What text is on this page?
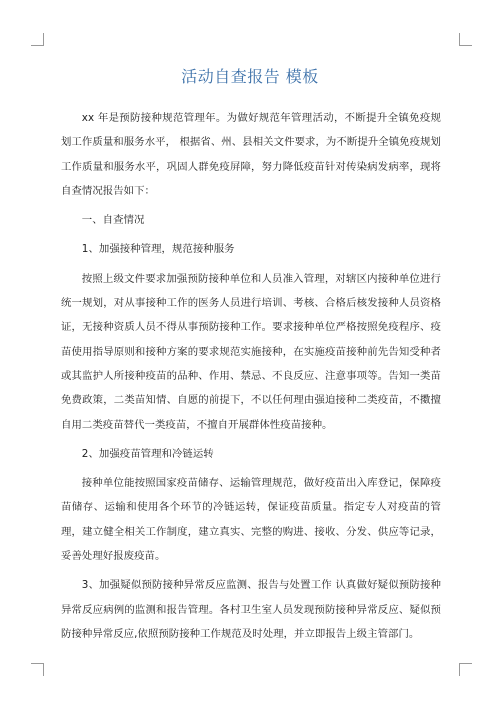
活动自查报告 模板

xx 年是预防接种规范管理年。为做好规范年管理活动，不断提升全镇免疫规划工作质量和服务水平， 根据省、州、县相关文件要求，为不断提升全镇免疫规划工作质量和服务水平，巩固人群免疫屏障，努力降低疫苗针对传染病发病率，现将自查情况报告如下：

一、自查情况

1、加强接种管理，规范接种服务

按照上级文件要求加强预防接种单位和人员准入管理，对辖区内接种单位进行统一规划，对从事接种工作的医务人员进行培训、考核、合格后核发接种人员资格证，无接种资质人员不得从事预防接种工作。要求接种单位严格按照免疫程序、疫苗使用指导原则和接种方案的要求规范实施接种，在实施疫苗接种前先告知受种者或其监护人所接种疫苗的品种、作用、禁忌、不良反应、注意事项等。告知一类苗免费政策，二类苗知情、自愿的前提下，不以任何理由强迫接种二类疫苗，不擞擅自用二类疫苗替代一类疫苗，不擅自开展群体性疫苗接种。

2、加强疫苗管理和冷链运转

接种单位能按照国家疫苗储存、运输管理规范，做好疫苗出入库登记，保障疫苗储存、运输和使用各个环节的冷链运转，保证疫苗质量。指定专人对疫苗的管理，建立健全相关工作制度，建立真实、完整的购进、接收、分发、供应等记录，妥善处理好报废疫苗。

3、加强疑似预防接种异常反应监测、报告与处置工作 认真做好疑似预防接种异常反应病例的监测和报告管理。各村卫生室人员发现预防接种异常反应、疑似预防接种异常反应,依照预防接种工作规范及时处理，并立即报告上级主管部门。
